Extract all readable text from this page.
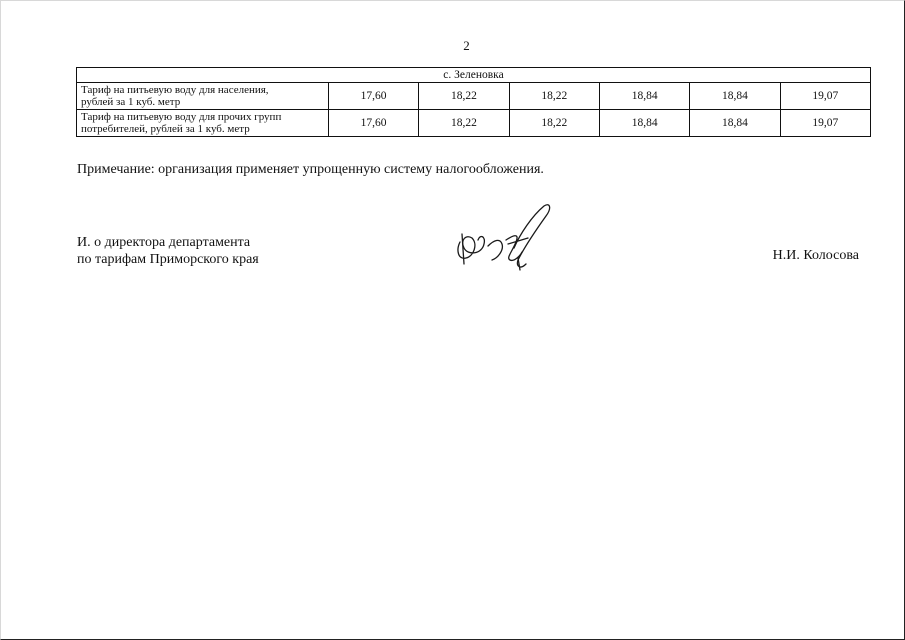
2
с. Зеленовка						
Тариф на питьевую воду для населения,
рублей за 1 куб. метр	17,60	18,22	18,22	18,84	18,84	19,07
Тариф на питьевую воду для прочих групп
потребителей, рублей за 1 куб. метр	17,60	18,22	18,22	18,84	18,84	19,07
Примечание: организация применяет упрощенную систему налогообложения.
И. о директора департамента
по тарифам Приморского края	Н.И. Колосова
